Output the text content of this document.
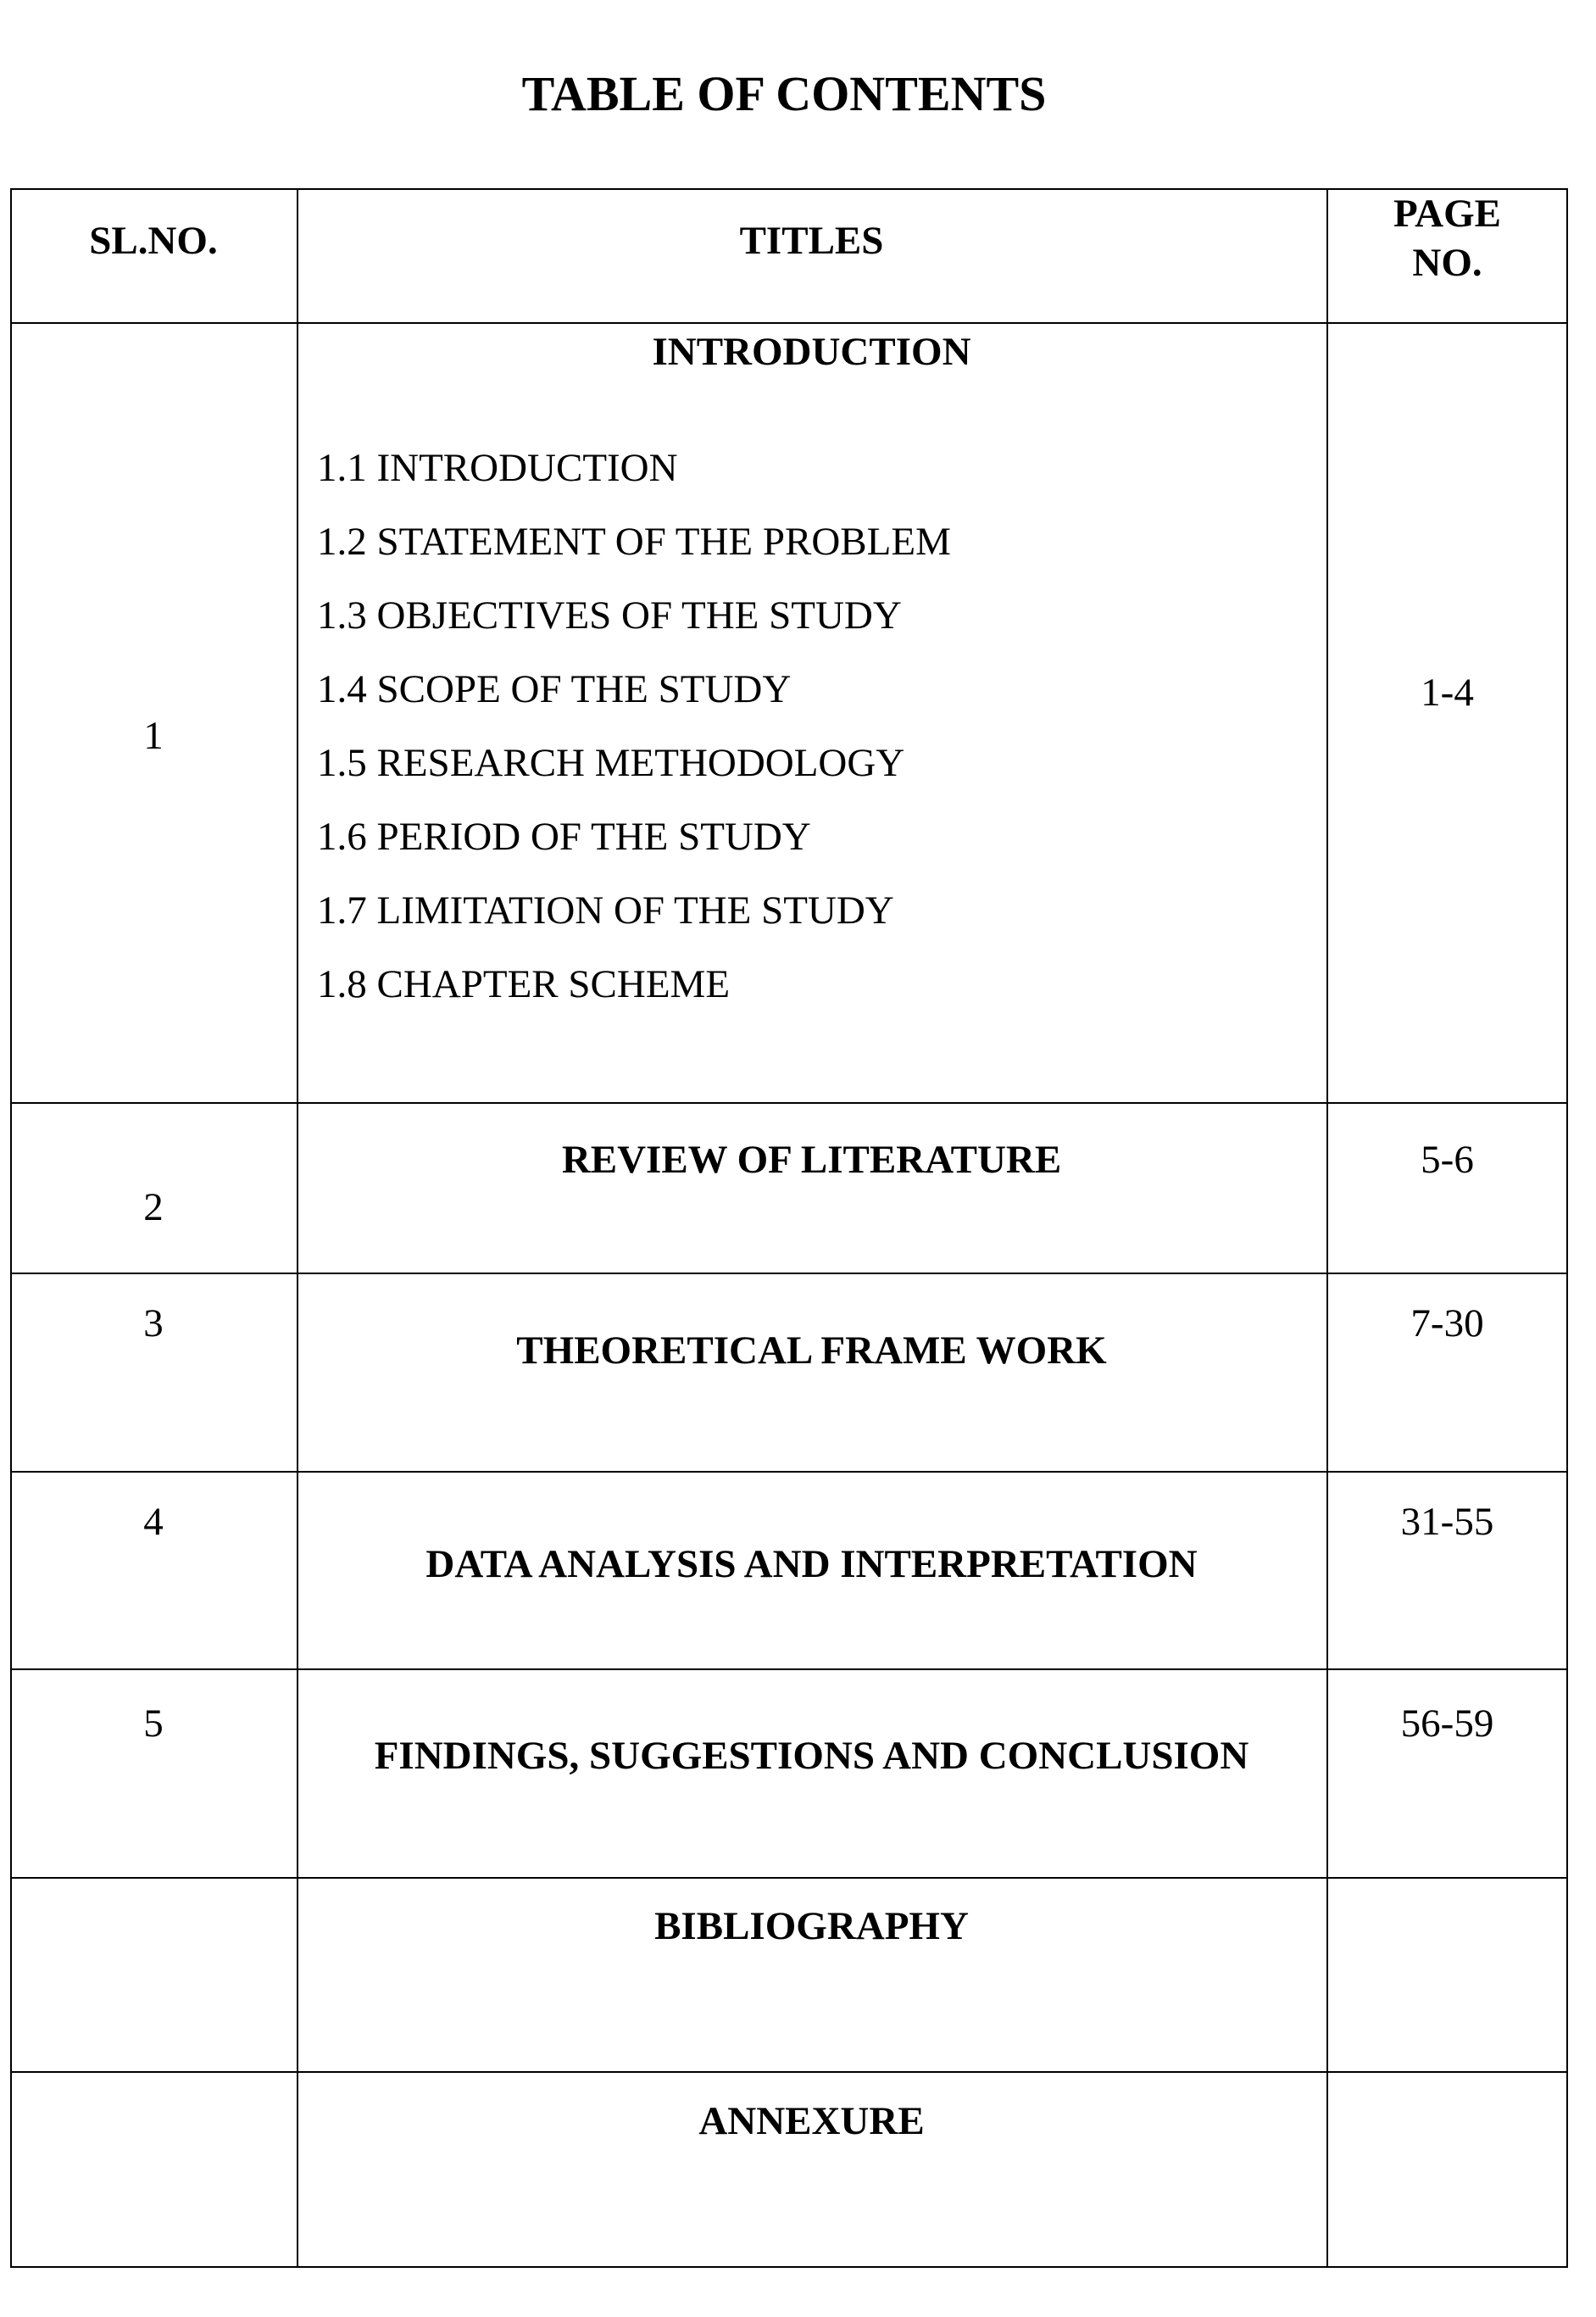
TABLE OF CONTENTS
SL.NO.	TITLES
PAGE
NO.
1
INTRODUCTION
1-4
1.1 INTRODUCTION
1.2 STATEMENT OF THE PROBLEM
1.3 OBJECTIVES OF THE STUDY
1.4 SCOPE OF THE STUDY
1.5 RESEARCH METHODOLOGY
1.6 PERIOD OF THE STUDY
1.7 LIMITATION OF THE STUDY
1.8 CHAPTER SCHEME
2
REVIEW OF LITERATURE	5-6
3
THEORETICAL FRAME WORK
7-30
4
DATA ANALYSIS AND INTERPRETATION
31-55
5
FINDINGS, SUGGESTIONS AND CONCLUSION
56-59
BIBLIOGRAPHY
ANNEXURE
